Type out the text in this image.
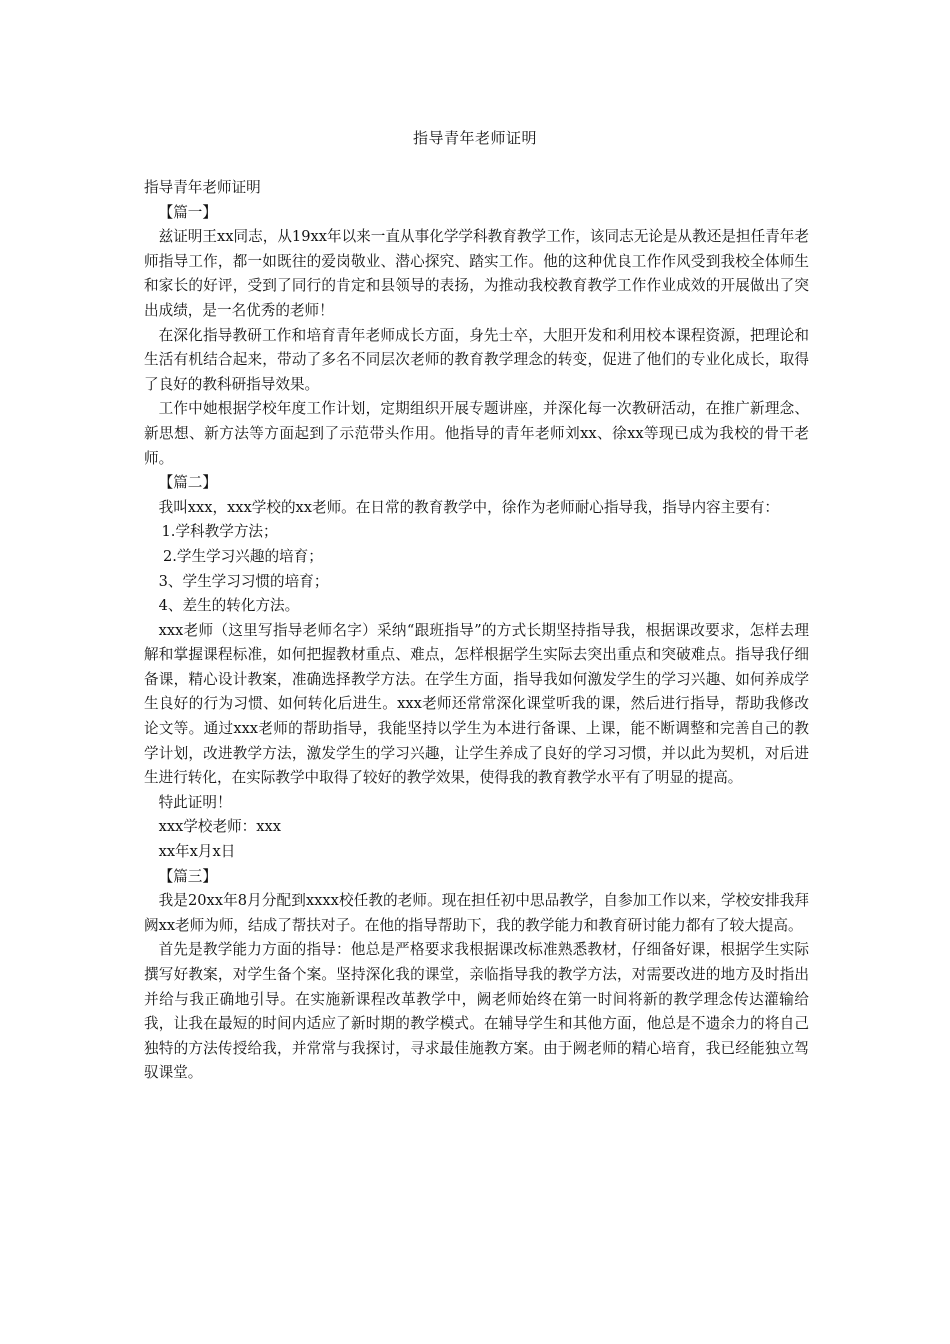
指导青年老师证明

指导青年老师证明

【篇一】

兹证明王xx同志，从19xx年以来一直从事化学学科教育教学工作，该同志无论是从教还是担任青年老师指导工作，都一如既往的爱岗敬业、潜心探究、踏实工作。他的这种优良工作作风受到我校全体师生和家长的好评，受到了同行的肯定和县领导的表扬，为推动我校教育教学工作作业成效的开展做出了突出成绩，是一名优秀的老师！

在深化指导教研工作和培育青年老师成长方面，身先士卒，大胆开发和利用校本课程资源，把理论和生活有机结合起来，带动了多名不同层次老师的教育教学理念的转变，促进了他们的专业化成长，取得了良好的教科研指导效果。

工作中她根据学校年度工作计划，定期组织开展专题讲座，并深化每一次教研活动，在推广新理念、新思想、新方法等方面起到了示范带头作用。他指导的青年老师刘xx、徐xx等现已成为我校的骨干老师。

【篇二】

我叫xxx，xxx学校的xx老师。在日常的教育教学中，徐作为老师耐心指导我，指导内容主要有：

1.学科教学方法；

2.学生学习兴趣的培育；

3、学生学习习惯的培育；

4、差生的转化方法。

xxx老师（这里写指导老师名字）采纳“跟班指导”的方式长期坚持指导我，根据课改要求，怎样去理解和掌握课程标准，如何把握教材重点、难点，怎样根据学生实际去突出重点和突破难点。指导我仔细备课，精心设计教案，准确选择教学方法。在学生方面，指导我如何激发学生的学习兴趣、如何养成学生良好的行为习惯、如何转化后进生。xxx老师还常常深化课堂听我的课，然后进行指导，帮助我修改论文等。通过xxx老师的帮助指导，我能坚持以学生为本进行备课、上课，能不断调整和完善自己的教学计划，改进教学方法，激发学生的学习兴趣，让学生养成了良好的学习习惯，并以此为契机，对后进生进行转化，在实际教学中取得了较好的教学效果，使得我的教育教学水平有了明显的提高。

特此证明！

xxx学校老师：xxx

xx年x月x日

【篇三】

我是20xx年8月分配到xxxx校任教的老师。现在担任初中思品教学，自参加工作以来，学校安排我拜阙xx老师为师，结成了帮扶对子。在他的指导帮助下，我的教学能力和教育研讨能力都有了较大提高。

首先是教学能力方面的指导：他总是严格要求我根据课改标准熟悉教材，仔细备好课，根据学生实际撰写好教案，对学生备个案。坚持深化我的课堂，亲临指导我的教学方法，对需要改进的地方及时指出并给与我正确地引导。在实施新课程改革教学中，阙老师始终在第一时间将新的教学理念传达灌输给我，让我在最短的时间内适应了新时期的教学模式。在辅导学生和其他方面，他总是不遗余力的将自己独特的方法传授给我，并常常与我探讨，寻求最佳施教方案。由于阙老师的精心培育，我已经能独立驾驭课堂。
